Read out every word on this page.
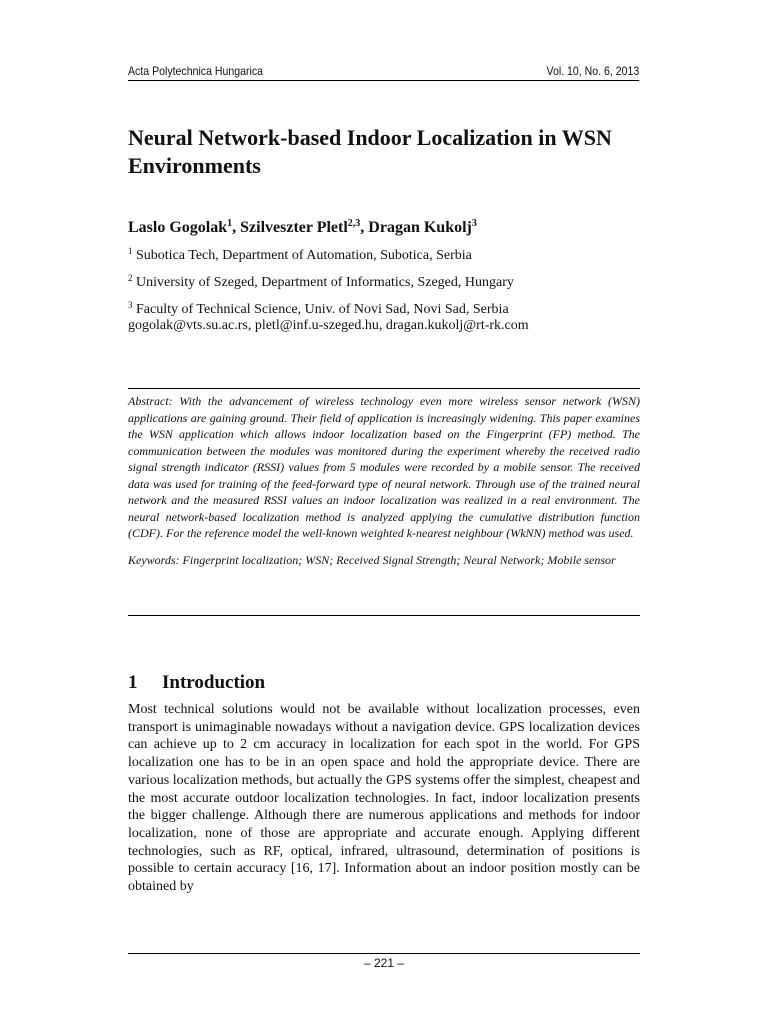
Acta Polytechnica Hungarica	Vol. 10, No. 6, 2013
Neural Network-based Indoor Localization in WSN Environments

Laslo Gogolak$^1$, Szilveszter Pletl$^{2,3}$, Dragan Kukolj$^3$

$^1$ Subotica Tech, Department of Automation, Subotica, Serbia

$^2$ University of Szeged, Department of Informatics, Szeged, Hungary

$^3$ Faculty of Technical Science, Univ. of Novi Sad, Novi Sad, Serbia

gogolak@vts.su.ac.rs, pletl@inf.u-szeged.hu, dragan.kukolj@rt-rk.com

Abstract: With the advancement of wireless technology even more wireless sensor network (WSN) applications are gaining ground. Their field of application is increasingly widening. This paper examines the WSN application which allows indoor localization based on the Fingerprint (FP) method. The communication between the modules was monitored during the experiment whereby the received radio signal strength indicator (RSSI) values from 5 modules were recorded by a mobile sensor. The received data was used for training of the feed-forward type of neural network. Through use of the trained neural network and the measured RSSI values an indoor localization was realized in a real environment. The neural network-based localization method is analyzed applying the cumulative distribution function (CDF). For the reference model the well-known weighted k-nearest neighbour (WkNN) method was used.

Keywords: Fingerprint localization; WSN; Received Signal Strength; Neural Network; Mobile sensor

1 Introduction

Most technical solutions would not be available without localization processes, even transport is unimaginable nowadays without a navigation device. GPS localization devices can achieve up to 2 cm accuracy in localization for each spot in the world. For GPS localization one has to be in an open space and hold the appropriate device. There are various localization methods, but actually the GPS systems offer the simplest, cheapest and the most accurate outdoor localization technologies. In fact, indoor localization presents the bigger challenge. Although there are numerous applications and methods for indoor localization, none of those are appropriate and accurate enough. Applying different technologies, such as RF, optical, infrared, ultrasound, determination of positions is possible to certain accuracy [16, 17]. Information about an indoor position mostly can be obtained by

– 221 –
